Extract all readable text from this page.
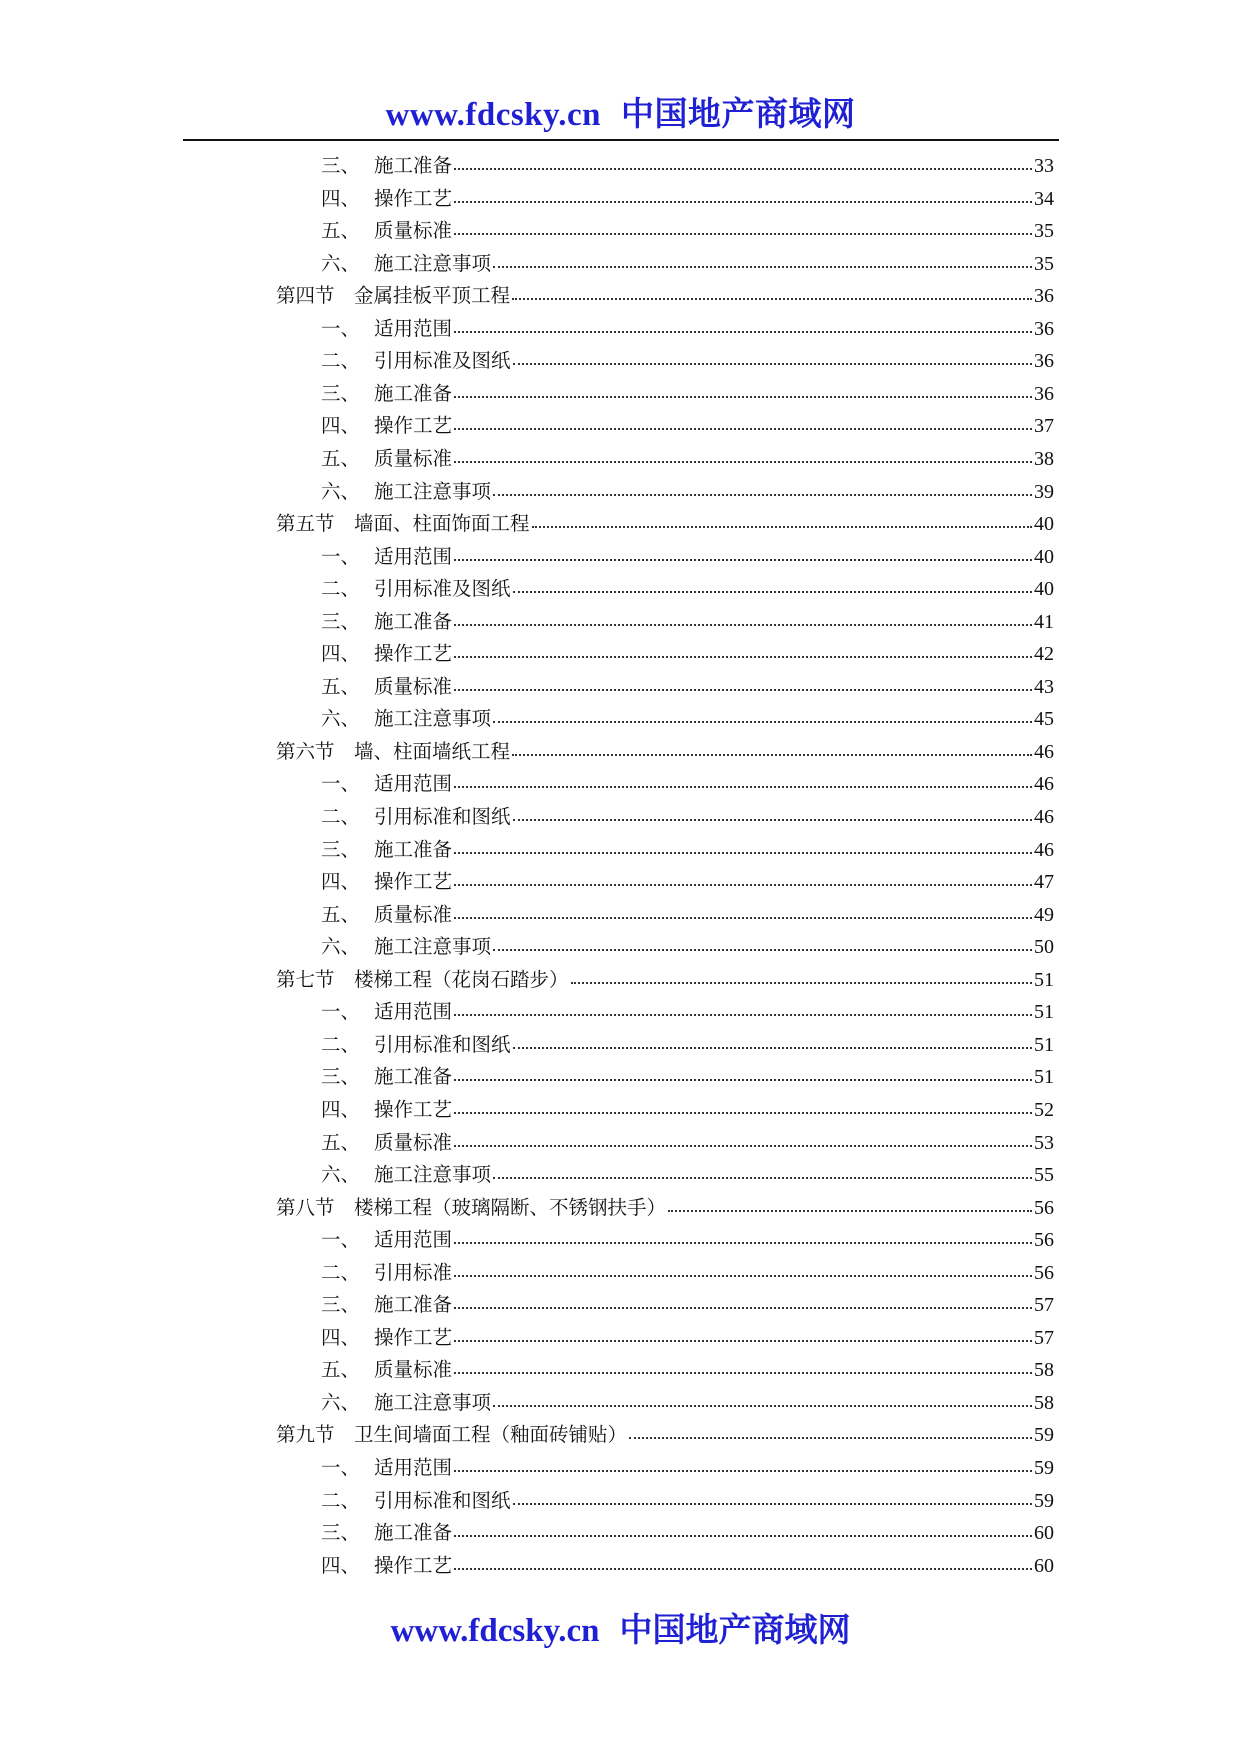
www.fdcsky.cn 中国地产商域网
三、 施工准备	33
四、 操作工艺	34
五、 质量标准	35
六、 施工注意事项	35
第四节 金属挂板平顶工程	36
一、 适用范围	36
二、 引用标准及图纸	36
三、 施工准备	36
四、 操作工艺	37
五、 质量标准	38
六、 施工注意事项	39
第五节 墙面、柱面饰面工程	40
一、 适用范围	40
二、 引用标准及图纸	40
三、 施工准备	41
四、 操作工艺	42
五、 质量标准	43
六、 施工注意事项	45
第六节 墙、柱面墙纸工程	46
一、 适用范围	46
二、 引用标准和图纸	46
三、 施工准备	46
四、 操作工艺	47
五、 质量标准	49
六、 施工注意事项	50
第七节 楼梯工程（花岗石踏步）	51
一、 适用范围	51
二、 引用标准和图纸	51
三、 施工准备	51
四、 操作工艺	52
五、 质量标准	53
六、 施工注意事项	55
第八节 楼梯工程（玻璃隔断、不锈钢扶手）	56
一、 适用范围	56
二、 引用标准	56
三、 施工准备	57
四、 操作工艺	57
五、 质量标准	58
六、 施工注意事项	58
第九节 卫生间墙面工程（釉面砖铺贴）	59
一、 适用范围	59
二、 引用标准和图纸	59
三、 施工准备	60
四、 操作工艺	60
www.fdcsky.cn 中国地产商域网
